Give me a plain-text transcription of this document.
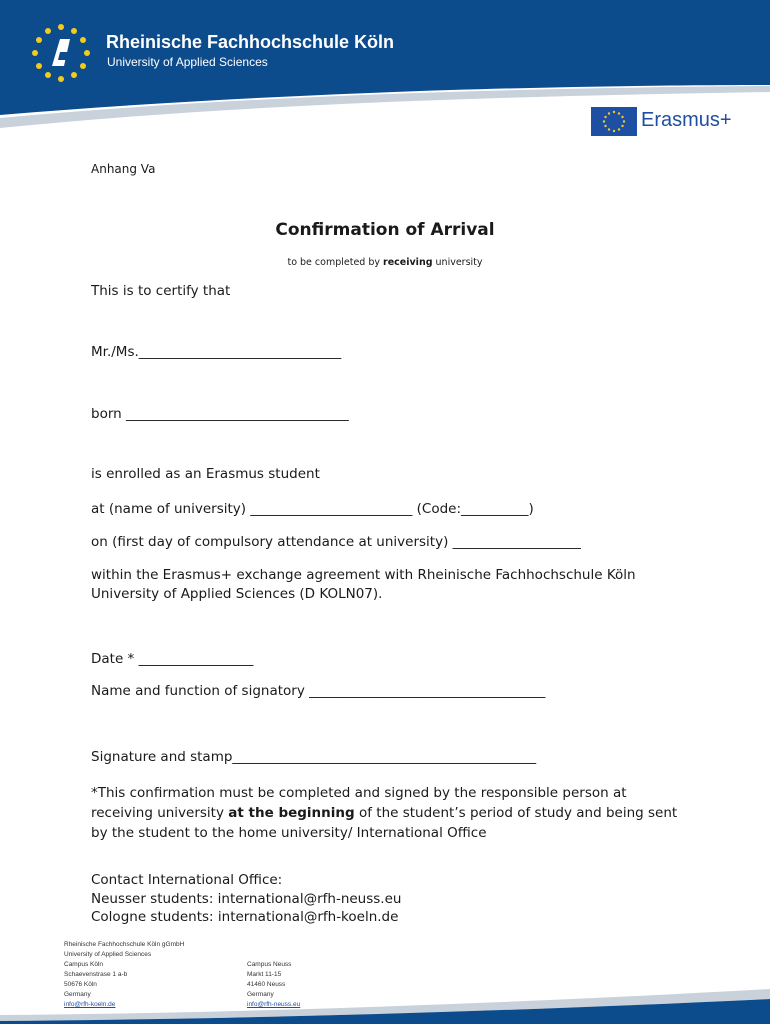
Rheinische Fachhochschule Köln
University of Applied Sciences
Erasmus+
Anhang Va
Confirmation of Arrival
to be completed by receiving university
This is to certify that
Mr./Ms.______________________________
born _________________________________
is enrolled as an Erasmus student
at (name of university) ________________________ (Code:__________)
on (first day of compulsory attendance at university) ___________________
within the Erasmus+ exchange agreement with Rheinische Fachhochschule Köln
University of Applied Sciences (D KOLN07).
Date * _________________
Name and function of signatory ___________________________________
Signature and stamp_____________________________________________
*This confirmation must be completed and signed by the responsible person at receiving university at the beginning of the student’s period of study and being sent by the student to the home university/ International Office
Contact International Office:
Neusser students: international@rfh-neuss.eu
Cologne students: international@rfh-koeln.de
Rheinische Fachhochschule Köln gGmbH
University of Applied Sciences
Campus Köln
Schaevenstrase 1 a-b
50676 Köln
Germany
info@rfh-koeln.de
Campus Neuss
Markt 11-15
41460 Neuss
Germany
info@rfh-neuss.eu
